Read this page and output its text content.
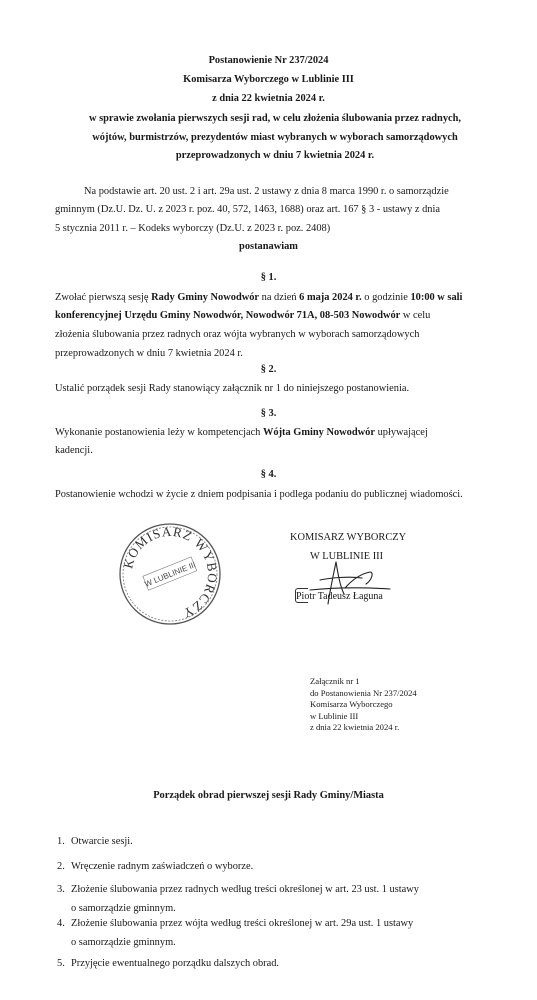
Postanowienie Nr 237/2024
Komisarza Wyborczego w Lublinie III
z dnia 22 kwietnia 2024 r.
w sprawie zwołania pierwszych sesji rad, w celu złożenia ślubowania przez radnych,
wójtów, burmistrzów, prezydentów miast wybranych w wyborach samorządowych
przeprowadzonych w dniu 7 kwietnia 2024 r.
Na podstawie art. 20 ust. 2 i art. 29a ust. 2 ustawy z dnia 8 marca 1990 r. o samorządzie
gminnym (Dz.U. Dz. U. z 2023 r. poz. 40, 572, 1463, 1688) oraz art. 167 § 3 - ustawy z dnia
5 stycznia 2011 r. – Kodeks wyborczy (Dz.U. z 2023 r. poz. 2408)
postanawiam
§ 1.
Zwołać pierwszą sesję Rady Gminy Nowodwór na dzień 6 maja 2024 r. o godzinie 10:00 w sali
konferencyjnej Urzędu Gminy Nowodwór, Nowodwór 71A, 08-503 Nowodwór w celu
złożenia ślubowania przez radnych oraz wójta wybranych w wyborach samorządowych
przeprowadzonych w dniu 7 kwietnia 2024 r.
§ 2.
Ustalić porządek sesji Rady stanowiący załącznik nr 1 do niniejszego postanowienia.
§ 3.
Wykonanie postanowienia leży w kompetencjach Wójta Gminy Nowodwór upływającej
kadencji.
§ 4.
Postanowienie wchodzi w życie z dniem podpisania i podlega podaniu do publicznej wiadomości.
KOMISARZ WYBORCZY
W LUBLINIE III
KOMISARZ WYBORCZY
W LUBLINIE III
Piotr Tadeusz Łaguna
Załącznik nr 1
do Postanowienia Nr 237/2024
Komisarza Wyborczego
w Lublinie III
z dnia 22 kwietnia 2024 r.
Porządek obrad pierwszej sesji Rady Gminy/Miasta
1. Otwarcie sesji.
2. Wręczenie radnym zaświadczeń o wyborze.
3. Złożenie ślubowania przez radnych według treści określonej w art. 23 ust. 1 ustawy
o samorządzie gminnym.
4. Złożenie ślubowania przez wójta według treści określonej w art. 29a ust. 1 ustawy
o samorządzie gminnym.
5. Przyjęcie ewentualnego porządku dalszych obrad.
